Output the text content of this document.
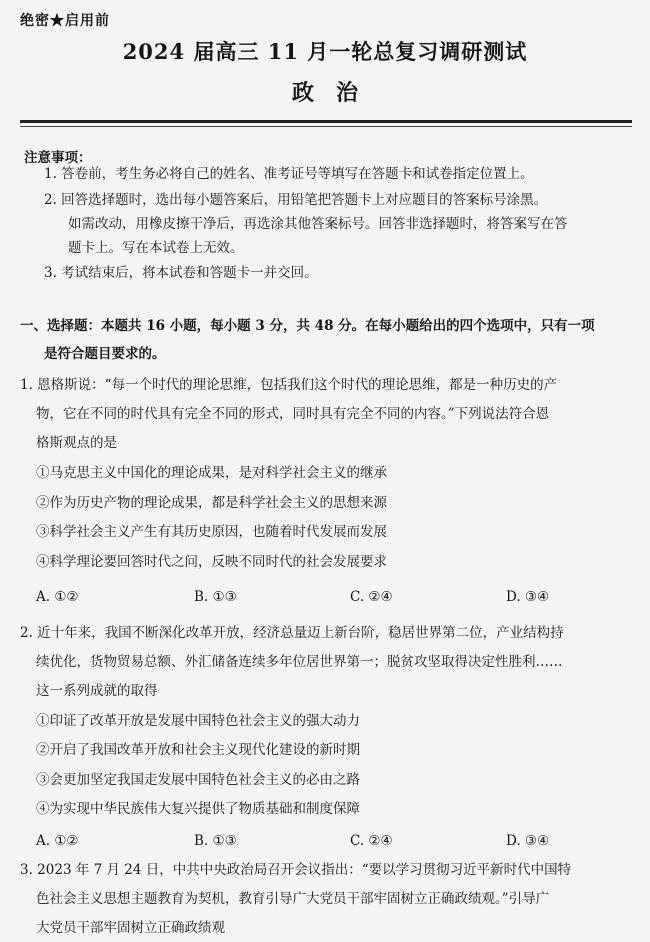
绝密★启用前
2024 届高三 11 月一轮总复习调研测试
政治
注意事项：
1. 答卷前，考生务必将自己的姓名、准考证号等填写在答题卡和试卷指定位置上。
2. 回答选择题时，选出每小题答案后，用铅笔把答题卡上对应题目的答案标号涂黑。
如需改动，用橡皮擦干净后，再选涂其他答案标号。回答非选择题时，将答案写在答
题卡上。写在本试卷上无效。
3. 考试结束后，将本试卷和答题卡一并交回。
一、选择题：本题共 16 小题，每小题 3 分，共 48 分。在每小题给出的四个选项中，只有一项
是符合题目要求的。
1. 恩格斯说：“每一个时代的理论思维，包括我们这个时代的理论思维，都是一种历史的产
物，它在不同的时代具有完全不同的形式，同时具有完全不同的内容。”下列说法符合恩
格斯观点的是
①马克思主义中国化的理论成果，是对科学社会主义的继承
②作为历史产物的理论成果，都是科学社会主义的思想来源
③科学社会主义产生有其历史原因，也随着时代发展而发展
④科学理论要回答时代之问，反映不同时代的社会发展要求
A. ①②	B. ①③	C. ②④	D. ③④
2. 近十年来，我国不断深化改革开放，经济总量迈上新台阶，稳居世界第二位，产业结构持
续优化，货物贸易总额、外汇储备连续多年位居世界第一；脱贫攻坚取得决定性胜利……
这一系列成就的取得
①印证了改革开放是发展中国特色社会主义的强大动力
②开启了我国改革开放和社会主义现代化建设的新时期
③会更加坚定我国走发展中国特色社会主义的必由之路
④为实现中华民族伟大复兴提供了物质基础和制度保障
A. ①②	B. ①③	C. ②④	D. ③④
3. 2023 年 7 月 24 日，中共中央政治局召开会议指出：“要以学习贯彻习近平新时代中国特
色社会主义思想主题教育为契机，教育引导广大党员干部牢固树立正确政绩观。”引导广
大党员干部牢固树立正确政绩观
